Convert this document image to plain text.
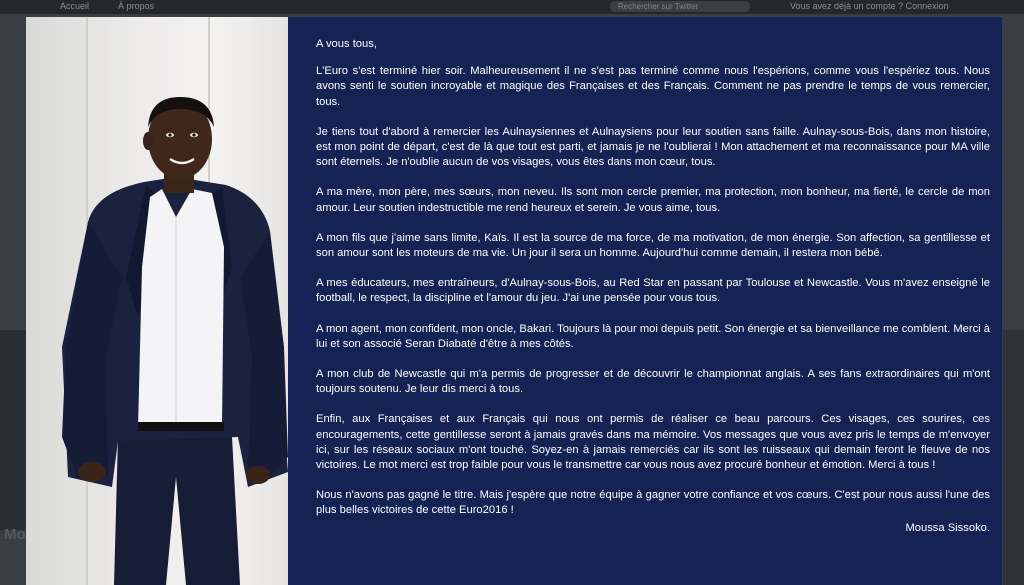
Accueil	À propos	Rechercher sur Twitter	Vous avez déjà un compte ? Connexion
Mo

A vous tous,

L'Euro s'est terminé hier soir. Malheureusement il ne s'est pas terminé comme nous l'espérions, comme vous l'espériez tous. Nous avons senti le soutien incroyable et magique des Françaises et des Français. Comment ne pas prendre le temps de vous remercier, tous.

Je tiens tout d'abord à remercier les Aulnaysiennes et Aulnaysiens pour leur soutien sans faille. Aulnay-sous-Bois, dans mon histoire, est mon point de départ, c'est de là que tout est parti, et jamais je ne l'oublierai ! Mon attachement et ma reconnaissance pour MA ville sont éternels. Je n'oublie aucun de vos visages, vous êtes dans mon cœur, tous.

A ma mère, mon père, mes sœurs, mon neveu. Ils sont mon cercle premier, ma protection, mon bonheur, ma fierté, le cercle de mon amour. Leur soutien indestructible me rend heureux et serein. Je vous aime, tous.

A mon fils que j'aime sans limite, Kaïs. Il est la source de ma force, de ma motivation, de mon énergie. Son affection, sa gentillesse et son amour sont les moteurs de ma vie. Un jour il sera un homme. Aujourd'hui comme demain, il restera mon bébé.

A mes éducateurs, mes entraîneurs, d'Aulnay-sous-Bois, au Red Star en passant par Toulouse et Newcastle. Vous m'avez enseigné le football, le respect, la discipline et l'amour du jeu. J'ai une pensée pour vous tous.

A mon agent, mon confident, mon oncle, Bakari. Toujours là pour moi depuis petit. Son énergie et sa bienveillance me comblent. Merci à lui et son associé Seran Diabaté d'être à mes côtés.

A mon club de Newcastle qui m'a permis de progresser et de découvrir le championnat anglais. A ses fans extraordinaires qui m'ont toujours soutenu. Je leur dis merci à tous.

Enfin, aux Françaises et aux Français qui nous ont permis de réaliser ce beau parcours. Ces visages, ces sourires, ces encouragements, cette gentillesse seront à jamais gravés dans ma mémoire. Vos messages que vous avez pris le temps de m'envoyer ici, sur les réseaux sociaux m'ont touché. Soyez-en à jamais remerciés car ils sont les ruisseaux qui demain feront le fleuve de nos victoires. Le mot merci est trop faible pour vous le transmettre car vous nous avez procuré bonheur et émotion. Merci à tous !

Nous n'avons pas gagné le titre. Mais j'espère que notre équipe à gagner votre confiance et vos cœurs. C'est pour nous aussi l'une des plus belles victoires de cette Euro2016 !

Moussa Sissoko.
